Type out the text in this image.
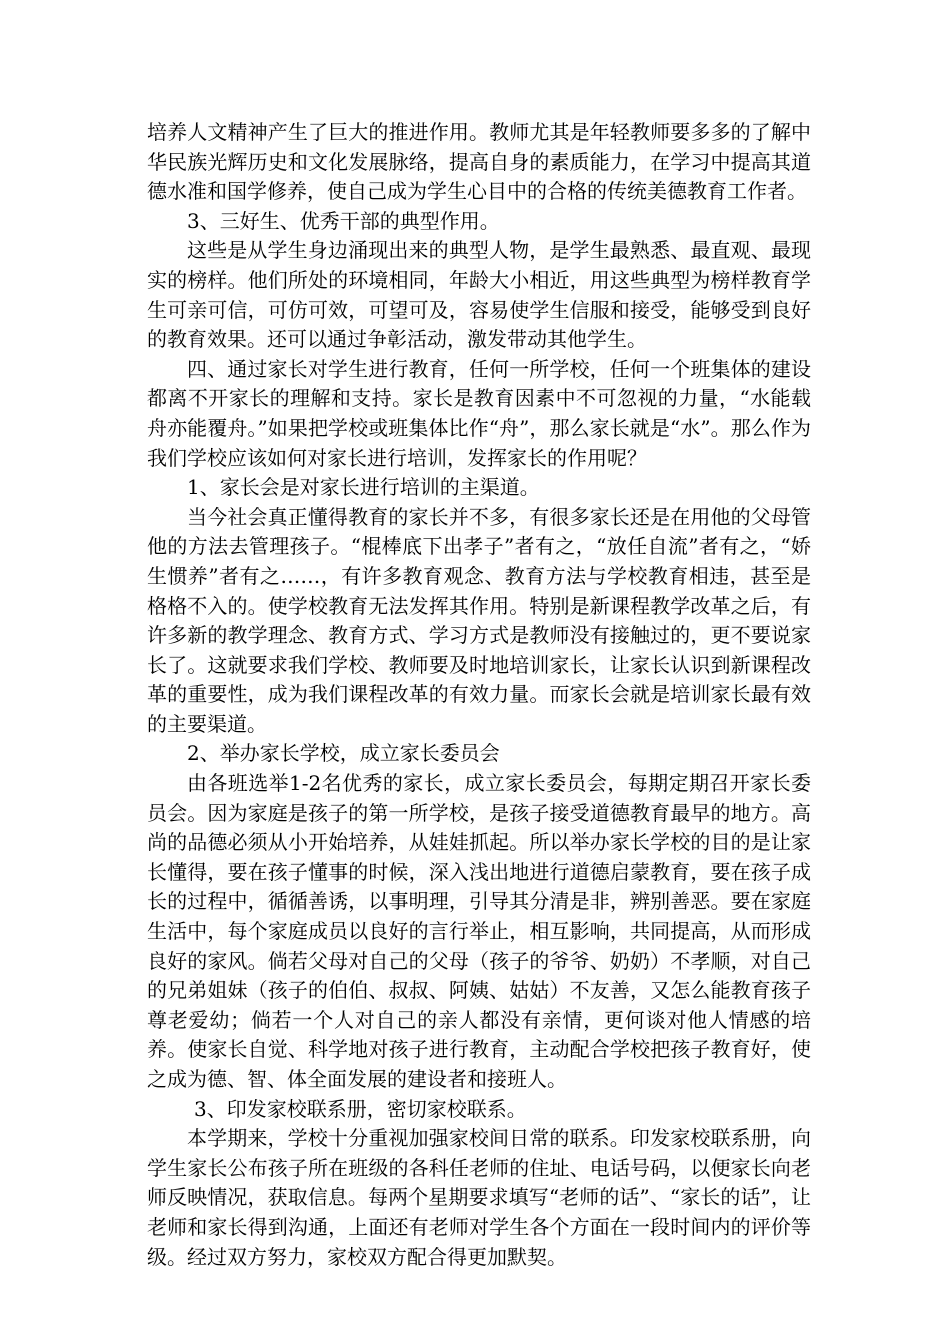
培养人文精神产生了巨大的推进作用。教师尤其是年轻教师要多多的了解中华民族光辉历史和文化发展脉络，提高自身的素质能力，在学习中提高其道德水准和国学修养，使自己成为学生心目中的合格的传统美德教育工作者。

3、三好生、优秀干部的典型作用。

这些是从学生身边涌现出来的典型人物，是学生最熟悉、最直观、最现实的榜样。他们所处的环境相同，年龄大小相近，用这些典型为榜样教育学生可亲可信，可仿可效，可望可及，容易使学生信服和接受，能够受到良好的教育效果。还可以通过争彰活动，激发带动其他学生。

四、通过家长对学生进行教育，任何一所学校，任何一个班集体的建设都离不开家长的理解和支持。家长是教育因素中不可忽视的力量，“水能载舟亦能覆舟。”如果把学校或班集体比作“舟”，那么家长就是“水”。那么作为我们学校应该如何对家长进行培训，发挥家长的作用呢？

1、家长会是对家长进行培训的主渠道。

当今社会真正懂得教育的家长并不多，有很多家长还是在用他的父母管他的方法去管理孩子。“棍棒底下出孝子”者有之，“放任自流”者有之，“娇生惯养”者有之……，有许多教育观念、教育方法与学校教育相违，甚至是格格不入的。使学校教育无法发挥其作用。特别是新课程教学改革之后，有许多新的教学理念、教育方式、学习方式是教师没有接触过的，更不要说家长了。这就要求我们学校、教师要及时地培训家长，让家长认识到新课程改革的重要性，成为我们课程改革的有效力量。而家长会就是培训家长最有效的主要渠道。

2、举办家长学校，成立家长委员会

由各班选举1-2名优秀的家长，成立家长委员会，每期定期召开家长委员会。因为家庭是孩子的第一所学校，是孩子接受道德教育最早的地方。高尚的品德必须从小开始培养，从娃娃抓起。所以举办家长学校的目的是让家长懂得，要在孩子懂事的时候，深入浅出地进行道德启蒙教育，要在孩子成长的过程中，循循善诱，以事明理，引导其分清是非，辨别善恶。要在家庭生活中，每个家庭成员以良好的言行举止，相互影响，共同提高，从而形成良好的家风。倘若父母对自己的父母（孩子的爷爷、奶奶）不孝顺，对自己的兄弟姐妹（孩子的伯伯、叔叔、阿姨、姑姑）不友善，又怎么能教育孩子尊老爱幼；倘若一个人对自己的亲人都没有亲情，更何谈对他人情感的培养。使家长自觉、科学地对孩子进行教育，主动配合学校把孩子教育好，使之成为德、智、体全面发展的建设者和接班人。

3、印发家校联系册，密切家校联系。

本学期来，学校十分重视加强家校间日常的联系。印发家校联系册，向学生家长公布孩子所在班级的各科任老师的住址、电话号码，以便家长向老师反映情况，获取信息。每两个星期要求填写“老师的话”、“家长的话”，让老师和家长得到沟通，上面还有老师对学生各个方面在一段时间内的评价等级。经过双方努力，家校双方配合得更加默契。
